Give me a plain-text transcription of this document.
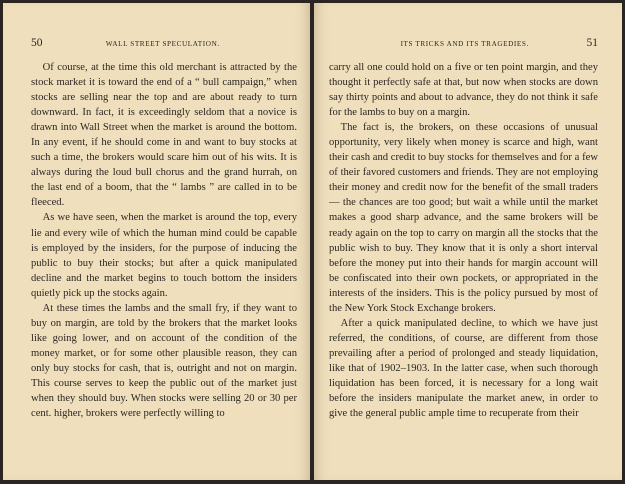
50	WALL STREET SPECULATION.

Of course, at the time this old merchant is attracted by the stock market it is toward the end of a “ bull campaign,” when stocks are selling near the top and are about ready to turn downward. In fact, it is exceedingly seldom that a novice is drawn into Wall Street when the market is around the bottom. In any event, if he should come in and want to buy stocks at such a time, the brokers would scare him out of his wits. It is always during the loud bull chorus and the grand hurrah, on the last end of a boom, that the “ lambs ” are called in to be fleeced.

As we have seen, when the market is around the top, every lie and every wile of which the human mind could be capable is employed by the insiders, for the purpose of inducing the public to buy their stocks; but after a quick manipulated decline and the market begins to touch bottom the insiders quietly pick up the stocks again.

At these times the lambs and the small fry, if they want to buy on margin, are told by the brokers that the market looks like going lower, and on account of the condition of the money market, or for some other plausible reason, they can only buy stocks for cash, that is, outright and not on margin. This course serves to keep the public out of the market just when they should buy. When stocks were selling 20 or 30 per cent. higher, brokers were perfectly willing to

ITS TRICKS AND ITS TRAGEDIES.	51

carry all one could hold on a five or ten point margin, and they thought it perfectly safe at that, but now when stocks are down say thirty points and about to advance, they do not think it safe for the lambs to buy on a margin.

The fact is, the brokers, on these occasions of unusual opportunity, very likely when money is scarce and high, want their cash and credit to buy stocks for themselves and for a few of their favored customers and friends. They are not employing their money and credit now for the benefit of the small traders — the chances are too good; but wait a while until the market makes a good sharp advance, and the same brokers will be ready again on the top to carry on margin all the stocks that the public wish to buy. They know that it is only a short interval before the money put into their hands for margin account will be confiscated into their own pockets, or appropriated in the interests of the insiders. This is the policy pursued by most of the New York Stock Exchange brokers.

After a quick manipulated decline, to which we have just referred, the conditions, of course, are different from those prevailing after a period of prolonged and steady liquidation, like that of 1902–1903. In the latter case, when such thorough liquidation has been forced, it is necessary for a long wait before the insiders manipulate the market anew, in order to give the general public ample time to recuperate from their
